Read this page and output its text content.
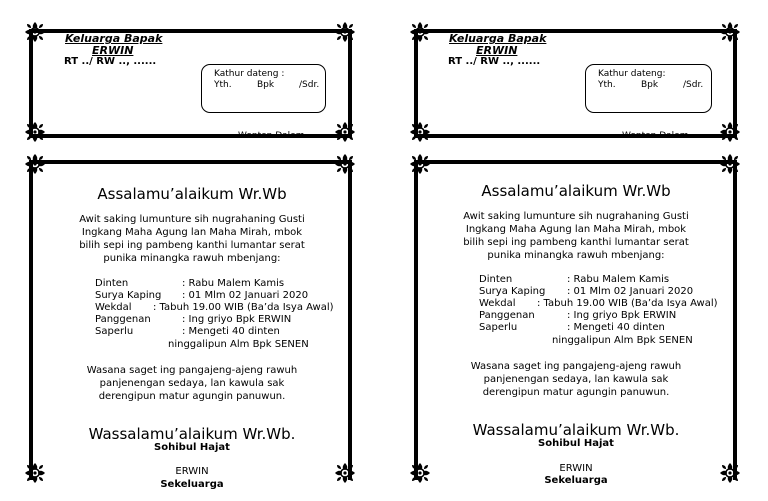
Keluarga Bapak
ERWIN
RT ../ RW .., ......
Kathur dateng :
Yth.	Bpk	/Sdr.
Wonten Dalem
Assalamu’alaikum Wr.Wb
Awit saking lumunture sih nugrahaning Gusti
Ingkang Maha Agung lan Maha Mirah, mbok
bilih sepi ing pambeng kanthi lumantar serat
punika minangka rawuh mbenjang:
Dinten	: Rabu Malem Kamis
Surya Kaping : 01 Mlm 02 Januari 2020
Wekdal : Tabuh 19.00 WIB (Ba’da Isya Awal)
Panggenan	: Ing griyo Bpk ERWIN
Saperlu	: Mengeti 40 dinten
ninggalipun Alm Bpk SENEN
Wasana saget ing pangajeng-ajeng rawuh
panjenengan sedaya, lan kawula sak
derengipun matur agungin panuwun.
Wassalamu’alaikum Wr.Wb.
Sohibul Hajat
ERWIN
Sekeluarga
Keluarga Bapak
ERWIN
RT ../ RW .., ......
Kathur dateng:
Yth.	Bpk	/Sdr.
Wonten Dalem
Assalamu’alaikum Wr.Wb
Awit saking lumunture sih nugrahaning Gusti
Ingkang Maha Agung lan Maha Mirah, mbok
bilih sepi ing pambeng kanthi lumantar serat
punika minangka rawuh mbenjang:
Dinten	: Rabu Malem Kamis
Surya Kaping : 01 Mlm 02 Januari 2020
Wekdal : Tabuh 19.00 WIB (Ba’da Isya Awal)
Panggenan	: Ing griyo Bpk ERWIN
Saperlu	: Mengeti 40 dinten
ninggalipun Alm Bpk SENEN
Wasana saget ing pangajeng-ajeng rawuh
panjenengan sedaya, lan kawula sak
derengipun matur agungin panuwun.
Wassalamu’alaikum Wr.Wb.
Sohibul Hajat
ERWIN
Sekeluarga
